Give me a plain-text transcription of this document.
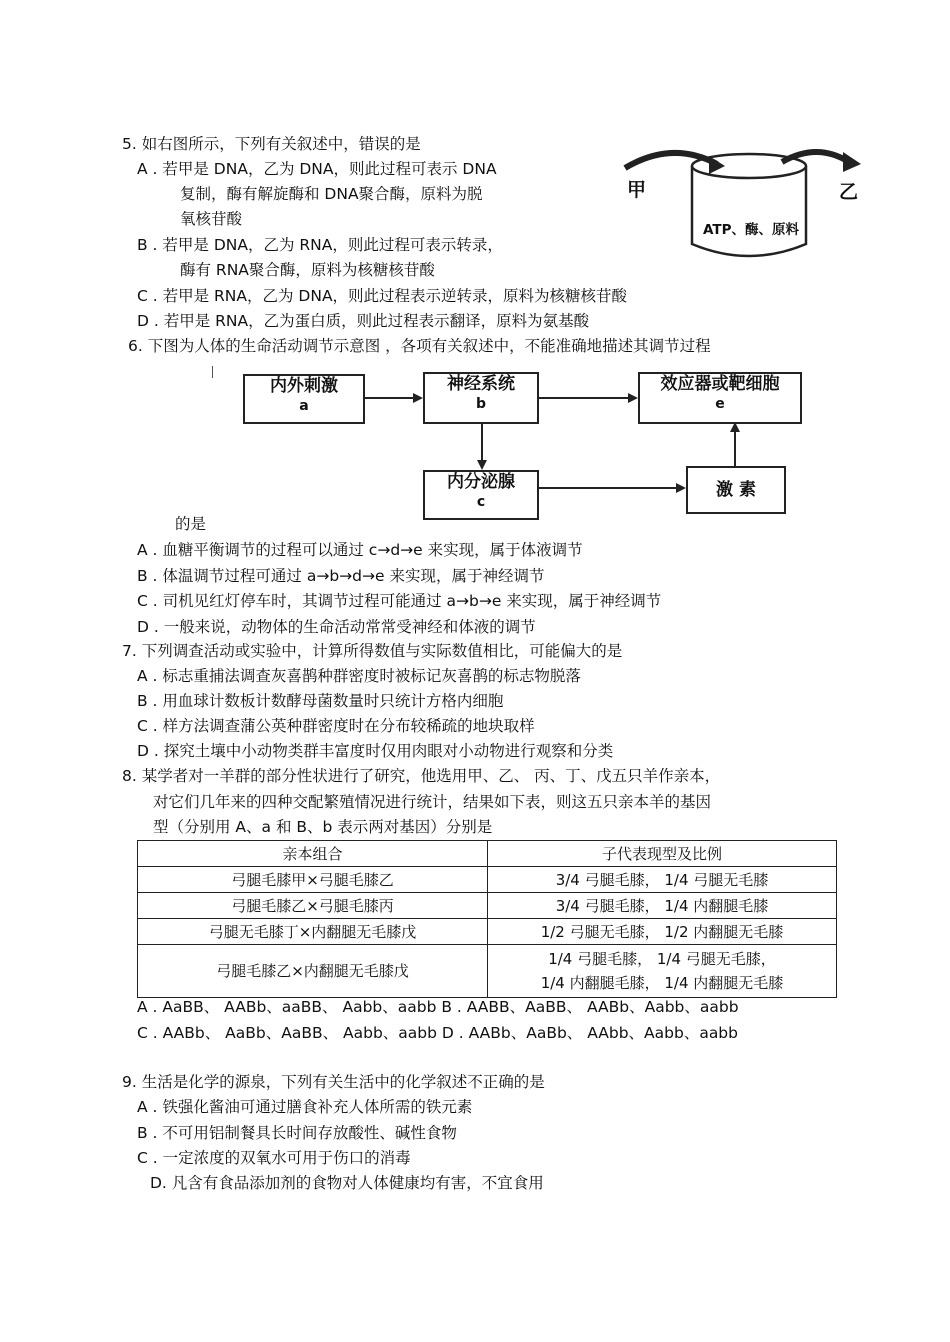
5. 如右图所示，下列有关叙述中，错误的是
A . 若甲是 DNA，乙为 DNA，则此过程可表示 DNA
复制，酶有解旋酶和 DNA聚合酶，原料为脱
氧核苷酸
B . 若甲是 DNA，乙为 RNA，则此过程可表示转录，
酶有 RNA聚合酶，原料为核糖核苷酸
C . 若甲是 RNA，乙为 DNA，则此过程表示逆转录，原料为核糖核苷酸
D . 若甲是 RNA，乙为蛋白质，则此过程表示翻译，原料为氨基酸
甲	乙
ATP、酶、原料
6. 下图为人体的生命活动调节示意图 ，各项有关叙述中，不能准确地描述其调节过程
内外刺激
a
神经系统
b
效应器或靶细胞
e
内分泌腺
c
激 素
的是
A . 血糖平衡调节的过程可以通过 c→d→e 来实现，属于体液调节
B . 体温调节过程可通过 a→b→d→e 来实现，属于神经调节
C . 司机见红灯停车时，其调节过程可能通过 a→b→e 来实现，属于神经调节
D . 一般来说，动物体的生命活动常常受神经和体液的调节
7. 下列调查活动或实验中，计算所得数值与实际数值相比，可能偏大的是
A . 标志重捕法调查灰喜鹊种群密度时被标记灰喜鹊的标志物脱落
B . 用血球计数板计数酵母菌数量时只统计方格内细胞
C . 样方法调查蒲公英种群密度时在分布较稀疏的地块取样
D . 探究土壤中小动物类群丰富度时仅用肉眼对小动物进行观察和分类
8. 某学者对一羊群的部分性状进行了研究，他选用甲、乙、 丙、丁、戊五只羊作亲本，
对它们几年来的四种交配繁殖情况进行统计，结果如下表，则这五只亲本羊的基因
型（分别用 A、a 和 B、b 表示两对基因）分别是
亲本组合	子代表现型及比例
弓腿毛膝甲×弓腿毛膝乙	3/4 弓腿毛膝， 1/4 弓腿无毛膝
弓腿毛膝乙×弓腿毛膝丙	3/4 弓腿毛膝， 1/4 内翻腿毛膝
弓腿无毛膝丁×内翻腿无毛膝戊	1/2 弓腿无毛膝， 1/2 内翻腿无毛膝
弓腿毛膝乙×内翻腿无毛膝戊	1/4 弓腿毛膝， 1/4 弓腿无毛膝，
1/4 内翻腿毛膝， 1/4 内翻腿无毛膝
A . AaBB、 AABb、aaBB、 Aabb、aabb B . AABB、AaBB、 AABb、Aabb、aabb
C . AABb、 AaBb、AaBB、 Aabb、aabb D . AABb、AaBb、 AAbb、Aabb、aabb
9. 生活是化学的源泉，下列有关生活中的化学叙述不正确的是
A . 铁强化酱油可通过膳食补充人体所需的铁元素
B . 不可用铝制餐具长时间存放酸性、碱性食物
C . 一定浓度的双氧水可用于伤口的消毒
D. 凡含有食品添加剂的食物对人体健康均有害，不宜食用
